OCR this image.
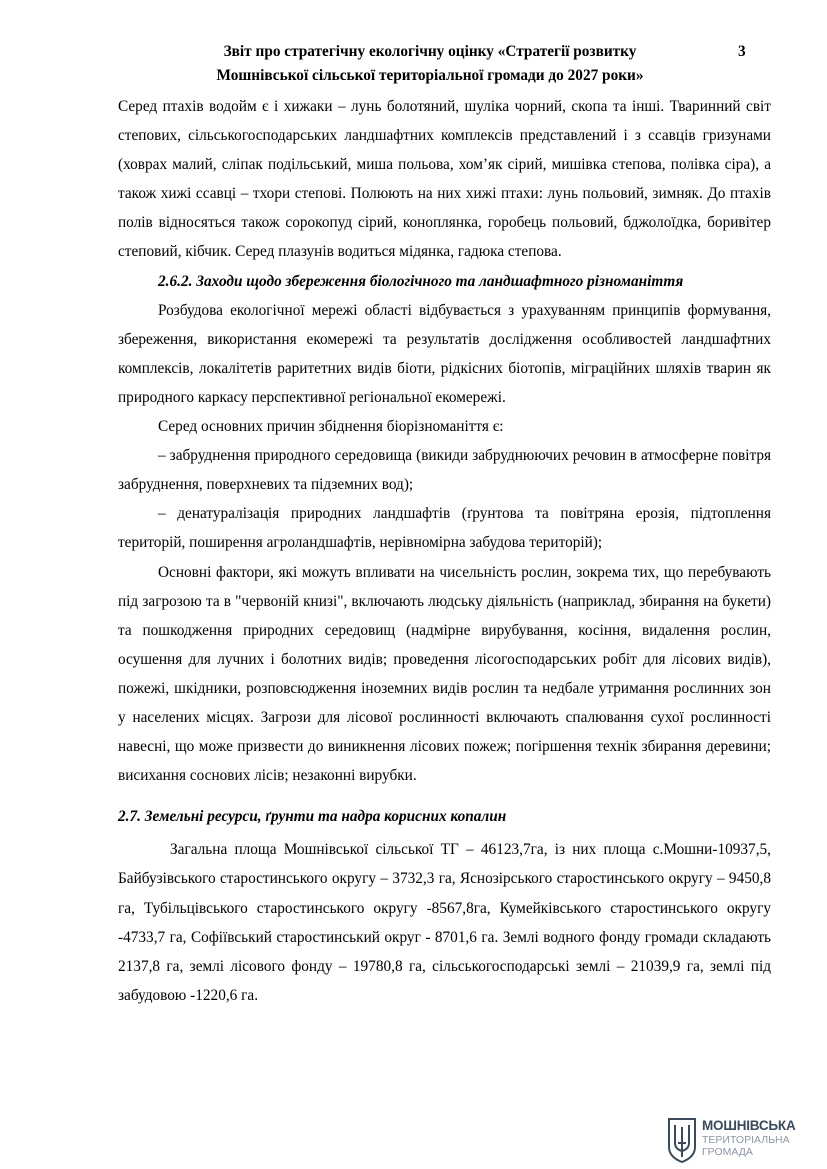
Звіт про стратегічну екологічну оцінку «Стратегії розвитку
Мошнівської сільської територіальної громади до 2027 роки»
3

Серед птахів водойм є і хижаки – лунь болотяний, шуліка чорний, скопа та інші. Тваринний світ степових, сільськогосподарських ландшафтних комплексів представлений і з ссавців гризунами (ховрах малий, сліпак подільський, миша польова, хом’як сірий, мишівка степова, полівка сіра), а також хижі ссавці – тхори степові. Полюють на них хижі птахи: лунь польовий, зимняк. До птахів полів відносяться також сорокопуд сірий, коноплянка, горобець польовий, бджолоїдка, боривітер степовий, кібчик. Серед плазунів водиться мідянка, гадюка степова.

2.6.2. Заходи щодо збереження біологічного та ландшафтного різноманіття

Розбудова екологічної мережі області відбувається з урахуванням принципів формування, збереження, використання екомережі та результатів дослідження особливостей ландшафтних комплексів, локалітетів раритетних видів біоти, рідкісних біотопів, міграційних шляхів тварин як природного каркасу перспективної регіональної екомережі.

Серед основних причин збіднення біорізноманіття є:

– забруднення природного середовища (викиди забруднюючих речовин в атмосферне повітря забруднення, поверхневих та підземних вод);

– денатуралізація природних ландшафтів (ґрунтова та повітряна ерозія, підтоплення територій, поширення агроландшафтів, нерівномірна забудова територій);

Основні фактори, які можуть впливати на чисельність рослин, зокрема тих, що перебувають під загрозою та в "червоній книзі", включають людську діяльність (наприклад, збирання на букети) та пошкодження природних середовищ (надмірне вирубування, косіння, видалення рослин, осушення для лучних і болотних видів; проведення лісогосподарських робіт для лісових видів), пожежі, шкідники, розповсюдження іноземних видів рослин та недбале утримання рослинних зон у населених місцях. Загрози для лісової рослинності включають спалювання сухої рослинності навесні, що може призвести до виникнення лісових пожеж; погіршення технік збирання деревини; висихання соснових лісів; незаконні вирубки.

2.7. Земельні ресурси, ґрунти та надра корисних копалин

Загальна площа Мошнівської сільської ТГ – 46123,7га, із них площа с.Мошни-10937,5, Байбузівського старостинського округу – 3732,3 га, Яснозірського старостинського округу – 9450,8 га, Тубільцівського старостинського округу -8567,8га, Кумейківського старостинського округу -4733,7 га, Софіївський старостинський округ - 8701,6 га. Землі водного фонду громади складають 2137,8 га, землі лісового фонду – 19780,8 га, сільськогосподарські землі – 21039,9 га, землі під забудовою -1220,6 га.

МОШНІВСЬКА
ТЕРИТОРІАЛЬНА
ГРОМАДА
